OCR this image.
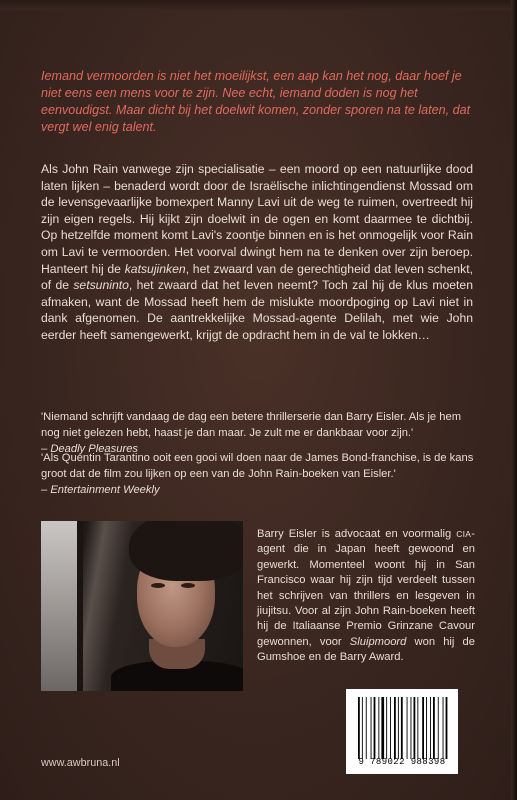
Iemand vermoorden is niet het moeilijkst, een aap kan het nog, daar hoef je niet eens een mens voor te zijn. Nee echt, iemand doden is nog het eenvoudigst. Maar dicht bij het doelwit komen, zonder sporen na te laten, dat vergt wel enig talent.
Als John Rain vanwege zijn specialisatie – een moord op een natuurlijke dood laten lijken – benaderd wordt door de Israëlische inlichtingendienst Mossad om de levensgevaarlijke bomexpert Manny Lavi uit de weg te ruimen, overtreedt hij zijn eigen regels. Hij kijkt zijn doelwit in de ogen en komt daarmee te dichtbij. Op hetzelfde moment komt Lavi's zoontje binnen en is het onmogelijk voor Rain om Lavi te vermoorden. Het voorval dwingt hem na te denken over zijn beroep. Hanteert hij de katsujinken, het zwaard van de gerechtigheid dat leven schenkt, of de setsuninto, het zwaard dat het leven neemt? Toch zal hij de klus moeten afmaken, want de Mossad heeft hem de mislukte moordpoging op Lavi niet in dank afgenomen. De aantrekkelijke Mossad-agente Delilah, met wie John eerder heeft samengewerkt, krijgt de opdracht hem in de val te lokken…
'Niemand schrijft vandaag de dag een betere thrillerserie dan Barry Eisler. Als je hem nog niet gelezen hebt, haast je dan maar. Je zult me er dankbaar voor zijn.'
– Deadly Pleasures
'Als Quentin Tarantino ooit een gooi wil doen naar de James Bond-franchise, is de kans groot dat de film zou lijken op een van de John Rain-boeken van Eisler.'
– Entertainment Weekly
Barry Eisler is advocaat en voormalig CIA-agent die in Japan heeft gewoond en gewerkt. Momenteel woont hij in San Francisco waar hij zijn tijd verdeelt tussen het schrijven van thrillers en lesgeven in jiujitsu. Voor al zijn John Rain-boeken heeft hij de Italiaanse Premio Grinzane Cavour gewonnen, voor Sluipmoord won hij de Gumshoe en de Barry Award.
www.awbruna.nl	9 789022 988398
